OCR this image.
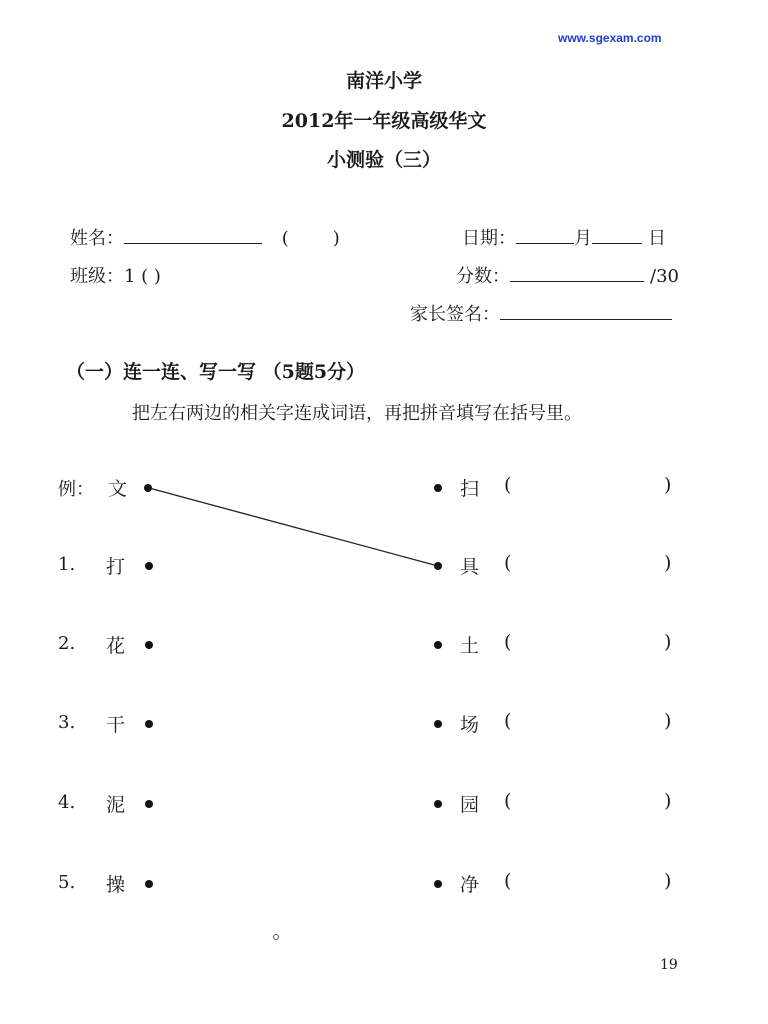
www.sgexam.com
南洋小学
2012年一年级高级华文
小测验（三）
姓名：	( )	日期：	月	日
班级：1 ( )	分数：	/30
家长签名：
（一）连一连、写一写 （5题5分）
把左右两边的相关字连成词语，再把拼音填写在括号里。
例： 文	扫 (	)
1. 打	具 (	)
2. 花	土 (	)
3. 干	场 (	)
4. 泥	园 (	)
5. 操	净 (	)
19
